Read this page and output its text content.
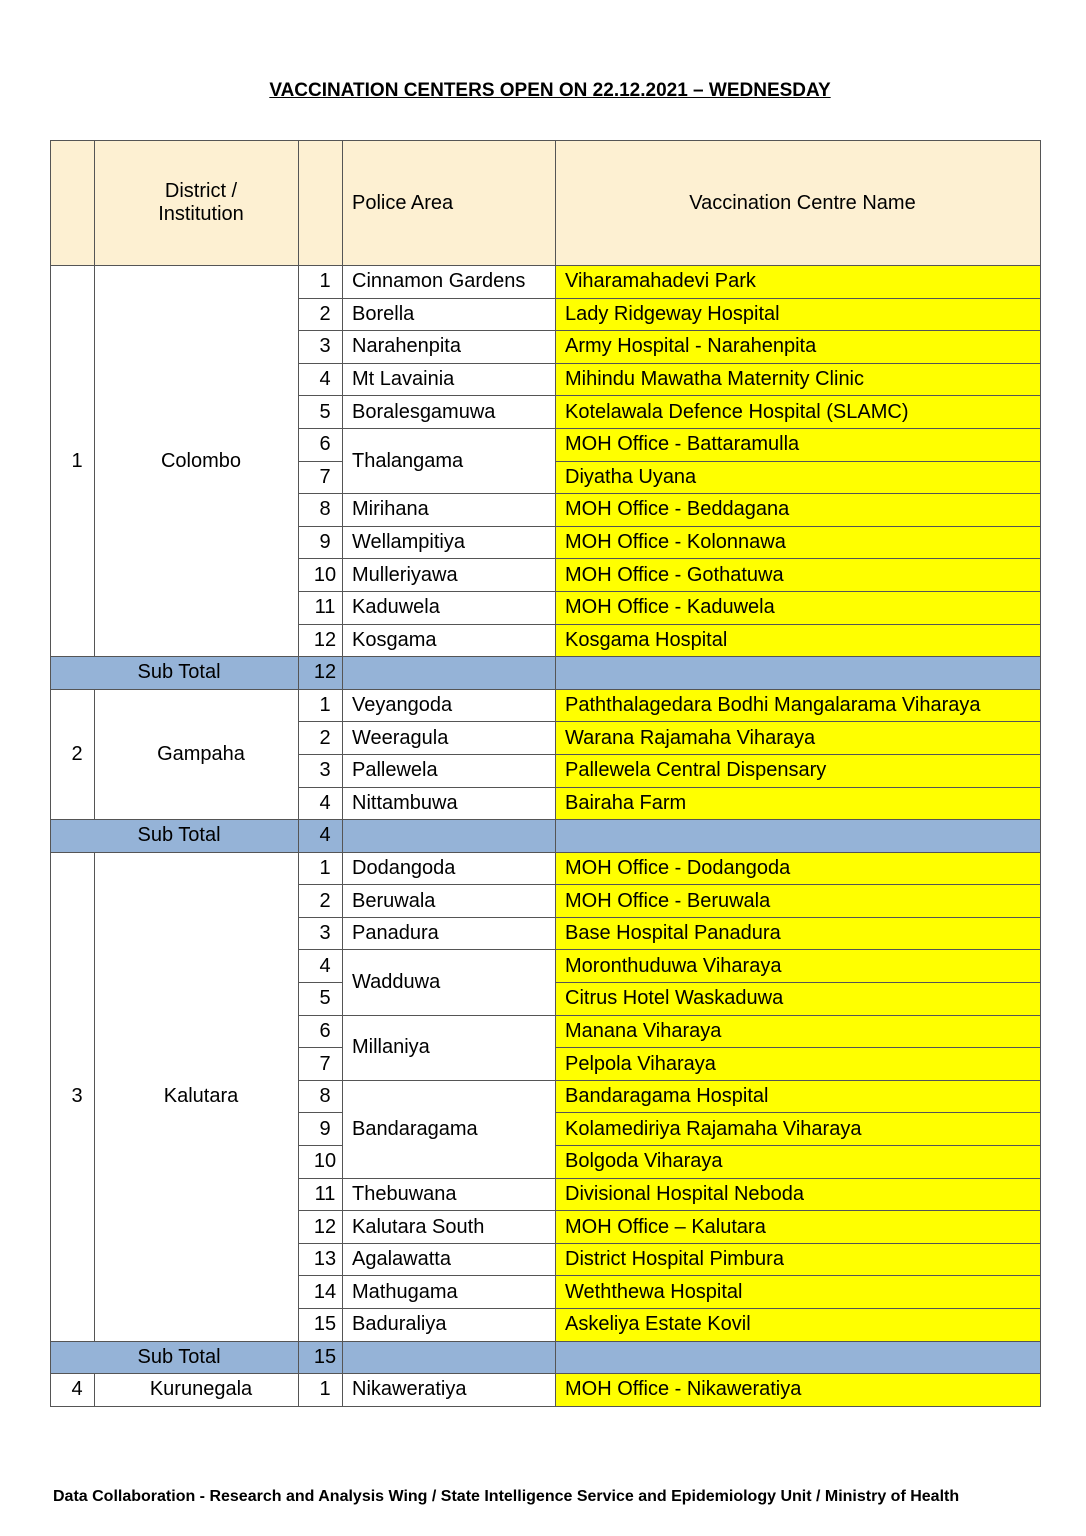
VACCINATION CENTERS OPEN ON 22.12.2021 – WEDNESDAY
	District /
Institution		Police Area	Vaccination Centre Name
1	Colombo	1	Cinnamon Gardens	Viharamahadevi Park
		2	Borella	Lady Ridgeway Hospital
		3	Narahenpita	Army Hospital - Narahenpita
		4	Mt Lavainia	Mihindu Mawatha Maternity Clinic
		5	Boralesgamuwa	Kotelawala Defence Hospital (SLAMC)
		6	Thalangama	MOH Office - Battaramulla
		7		Diyatha Uyana
		8	Mirihana	MOH Office - Beddagana
		9	Wellampitiya	MOH Office - Kolonnawa
		10	Mulleriyawa	MOH Office - Gothatuwa
		11	Kaduwela	MOH Office - Kaduwela
		12	Kosgama	Kosgama Hospital
Sub Total		12		
2	Gampaha	1	Veyangoda	Paththalagedara Bodhi Mangalarama Viharaya
		2	Weeragula	Warana Rajamaha Viharaya
		3	Pallewela	Pallewela Central Dispensary
		4	Nittambuwa	Bairaha Farm
Sub Total		4		
3	Kalutara	1	Dodangoda	MOH Office - Dodangoda
		2	Beruwala	MOH Office - Beruwala
		3	Panadura	Base Hospital Panadura
		4	Wadduwa	Moronthuduwa Viharaya
		5		Citrus Hotel Waskaduwa
		6	Millaniya	Manana Viharaya
		7		Pelpola Viharaya
		8	Bandaragama	Bandaragama Hospital
		9		Kolamediriya Rajamaha Viharaya
		10		Bolgoda Viharaya
		11	Thebuwana	Divisional Hospital Neboda
		12	Kalutara South	MOH Office – Kalutara
		13	Agalawatta	District Hospital Pimbura
		14	Mathugama	Weththewa Hospital
		15	Baduraliya	Askeliya Estate Kovil
Sub Total		15		
4	Kurunegala	1	Nikaweratiya	MOH Office - Nikaweratiya
Data Collaboration - Research and Analysis Wing / State Intelligence Service and Epidemiology Unit / Ministry of Health
